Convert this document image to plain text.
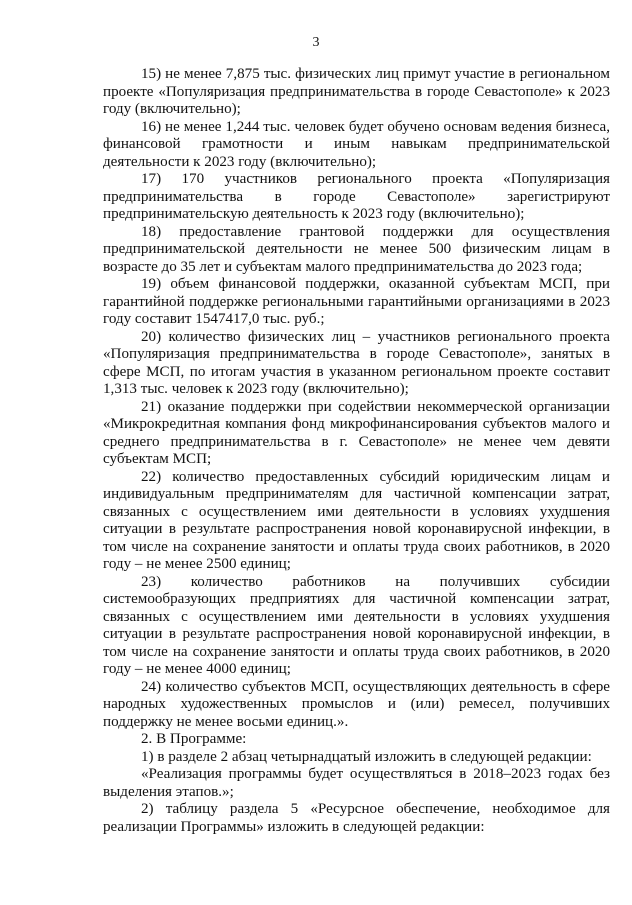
3

15) не менее 7,875 тыс. физических лиц примут участие в региональном проекте «Популяризация предпринимательства в городе Севастополе» к 2023 году (включительно);

16) не менее 1,244 тыс. человек будет обучено основам ведения бизнеса, финансовой грамотности и иным навыкам предпринимательской деятельности к 2023 году (включительно);

17) 170 участников регионального проекта «Популяризация предпринимательства в городе Севастополе» зарегистрируют предпринимательскую деятельность к 2023 году (включительно);

18) предоставление грантовой поддержки для осуществления предпринимательской деятельности не менее 500 физическим лицам в возрасте до 35 лет и субъектам малого предпринимательства до 2023 года;

19) объем финансовой поддержки, оказанной субъектам МСП, при гарантийной поддержке региональными гарантийными организациями в 2023 году составит 1547417,0 тыс. руб.;

20) количество физических лиц – участников регионального проекта «Популяризация предпринимательства в городе Севастополе», занятых в сфере МСП, по итогам участия в указанном региональном проекте составит 1,313 тыс. человек к 2023 году (включительно);

21) оказание поддержки при содействии некоммерческой организации «Микрокредитная компания фонд микрофинансирования субъектов малого и среднего предпринимательства в г. Севастополе» не менее чем девяти субъектам МСП;

22) количество предоставленных субсидий юридическим лицам и индивидуальным предпринимателям для частичной компенсации затрат, связанных с осуществлением ими деятельности в условиях ухудшения ситуации в результате распространения новой коронавирусной инфекции, в том числе на сохранение занятости и оплаты труда своих работников, в 2020 году – не менее 2500 единиц;

23) количество работников на получивших субсидии системообразующих предприятиях для частичной компенсации затрат, связанных с осуществлением ими деятельности в условиях ухудшения ситуации в результате распространения новой коронавирусной инфекции, в том числе на сохранение занятости и оплаты труда своих работников, в 2020 году – не менее 4000 единиц;

24) количество субъектов МСП, осуществляющих деятельность в сфере народных художественных промыслов и (или) ремесел, получивших поддержку не менее восьми единиц.».

2. В Программе:

1) в разделе 2 абзац четырнадцатый изложить в следующей редакции:

«Реализация программы будет осуществляться в 2018–2023 годах без выделения этапов.»;

2) таблицу раздела 5 «Ресурсное обеспечение, необходимое для реализации Программы» изложить в следующей редакции:
